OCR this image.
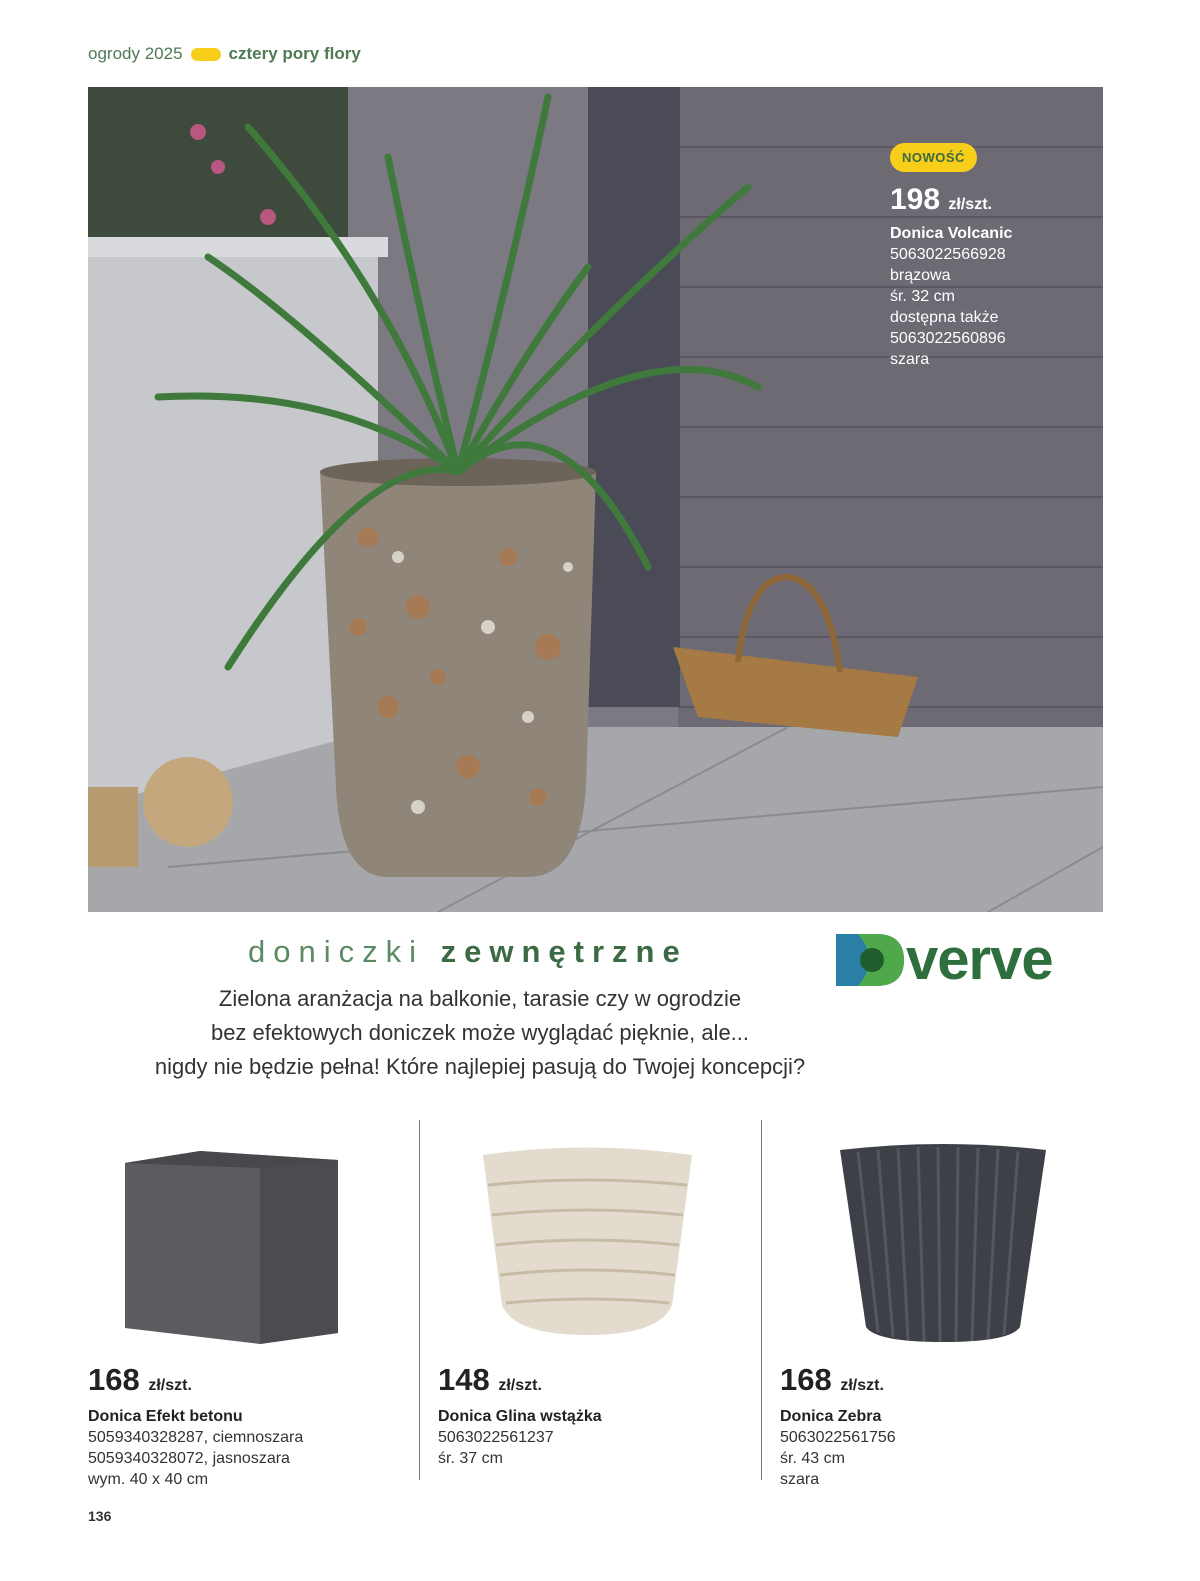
ogrody 2025	cztery pory flory
NOWOŚĆ
198 zł/szt.
Donica Volcanic
5063022566928
brązowa
śr. 32 cm
dostępna także
5063022560896
szara
doniczki zewnętrzne	verve
Zielona aranżacja na balkonie, tarasie czy w ogrodzie
bez efektowych doniczek może wyglądać pięknie, ale...
nigdy nie będzie pełna! Które najlepiej pasują do Twojej koncepcji?
168 zł/szt.
Donica Efekt betonu
5059340328287, ciemnoszara
5059340328072, jasnoszara
wym. 40 x 40 cm
148 zł/szt.
Donica Glina wstążka
5063022561237
śr. 37 cm
168 zł/szt.
Donica Zebra
5063022561756
śr. 43 cm
szara
136
